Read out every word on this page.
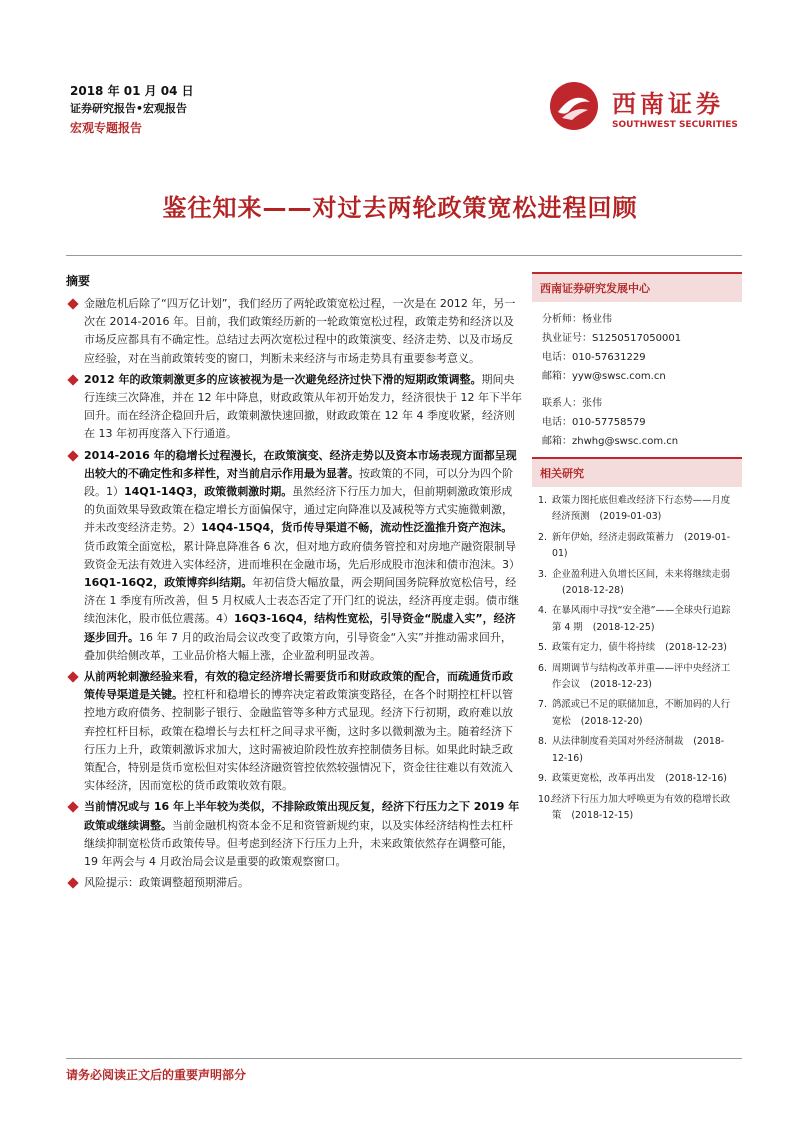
2018 年 01 月 04 日
证券研究报告•宏观报告
宏观专题报告
西南证券
SOUTHWEST SECURITIES
鉴往知来——对过去两轮政策宽松进程回顾
摘要
金融危机后除了“四万亿计划”，我们经历了两轮政策宽松过程，一次是在 2012 年，另一次在 2014-2016 年。目前，我们政策经历新的一轮政策宽松过程，政策走势和经济以及市场反应都具有不确定性。总结过去两次宽松过程中的政策演变、经济走势、以及市场反应经验，对在当前政策转变的窗口，判断未来经济与市场走势具有重要参考意义。
2012 年的政策刺激更多的应该被视为是一次避免经济过快下滑的短期政策调整。期间央行连续三次降准，并在 12 年中降息，财政政策从年初开始发力，经济很快于 12 年下半年回升。而在经济企稳回升后，政策刺激快速回撤，财政政策在 12 年 4 季度收紧，经济则在 13 年初再度落入下行通道。
2014-2016 年的稳增长过程漫长，在政策演变、经济走势以及资本市场表现方面都呈现出较大的不确定性和多样性，对当前启示作用最为显著。按政策的不同，可以分为四个阶段。1）14Q1-14Q3，政策微刺激时期。虽然经济下行压力加大，但前期刺激政策形成的负面效果导致政策在稳定增长方面偏保守，通过定向降准以及减税等方式实施微刺激，并未改变经济走势。2）14Q4-15Q4，货币传导渠道不畅，流动性泛滥推升资产泡沫。货币政策全面宽松，累计降息降准各 6 次，但对地方政府债务管控和对房地产融资限制导致资金无法有效进入实体经济，进而堆积在金融市场，先后形成股市泡沫和债市泡沫。3）16Q1-16Q2，政策博弈纠结期。年初信贷大幅放量，两会期间国务院释放宽松信号，经济在 1 季度有所改善，但 5 月权威人士表态否定了开门红的说法，经济再度走弱。债市继续泡沫化，股市低位震荡。4）16Q3-16Q4，结构性宽松，引导资金“脱虚入实”，经济逐步回升。16 年 7 月的政治局会议改变了政策方向，引导资金“入实”并推动需求回升，叠加供给侧改革，工业品价格大幅上涨，企业盈利明显改善。
从前两轮刺激经验来看，有效的稳定经济增长需要货币和财政政策的配合，而疏通货币政策传导渠道是关键。控杠杆和稳增长的博弈决定着政策演变路径，在各个时期控杠杆以管控地方政府债务、控制影子银行、金融监管等多种方式显现。经济下行初期，政府难以放弃控杠杆目标，政策在稳增长与去杠杆之间寻求平衡，这时多以微刺激为主。随着经济下行压力上升，政策刺激诉求加大，这时需被迫阶段性放弃控制债务目标。如果此时缺乏政策配合，特别是货币宽松但对实体经济融资管控依然较强情况下，资金往往难以有效流入实体经济，因而宽松的货币政策收效有限。
当前情况或与 16 年上半年较为类似，不排除政策出现反复，经济下行压力之下 2019 年政策或继续调整。当前金融机构资本金不足和资管新规约束，以及实体经济结构性去杠杆继续抑制宽松货币政策传导。但考虑到经济下行压力上升，未来政策依然存在调整可能，19 年两会与 4 月政治局会议是重要的政策观察窗口。
风险提示：政策调整超预期滞后。
西南证券研究发展中心
分析师：杨业伟
执业证号：S1250517050001
电话：010-57631229
邮箱：yyw@swsc.com.cn
联系人：张伟
电话：010-57758579
邮箱：zhwhg@swsc.com.cn
相关研究
1. 政策力图托底但难改经济下行态势——月度经济预测 (2019-01-03)
2. 新年伊始，经济走弱政策蓄力 (2019-01-01)
3. 企业盈利进入负增长区间，未来将继续走弱(2018-12-28)
4. 在暴风雨中寻找“安全港”——全球央行追踪第 4 期 (2018-12-25)
5. 政策有定力，债牛将持续 (2018-12-23)
6. 周期调节与结构改革并重——评中央经济工作会议 (2018-12-23)
7. 鸽派或已不足的联储加息，不断加码的人行宽松 (2018-12-20)
8. 从法律制度看美国对外经济制裁 (2018-12-16)
9. 政策更宽松，改革再出发 (2018-12-16)
10. 经济下行压力加大呼唤更为有效的稳增长政策 (2018-12-15)
请务必阅读正文后的重要声明部分
